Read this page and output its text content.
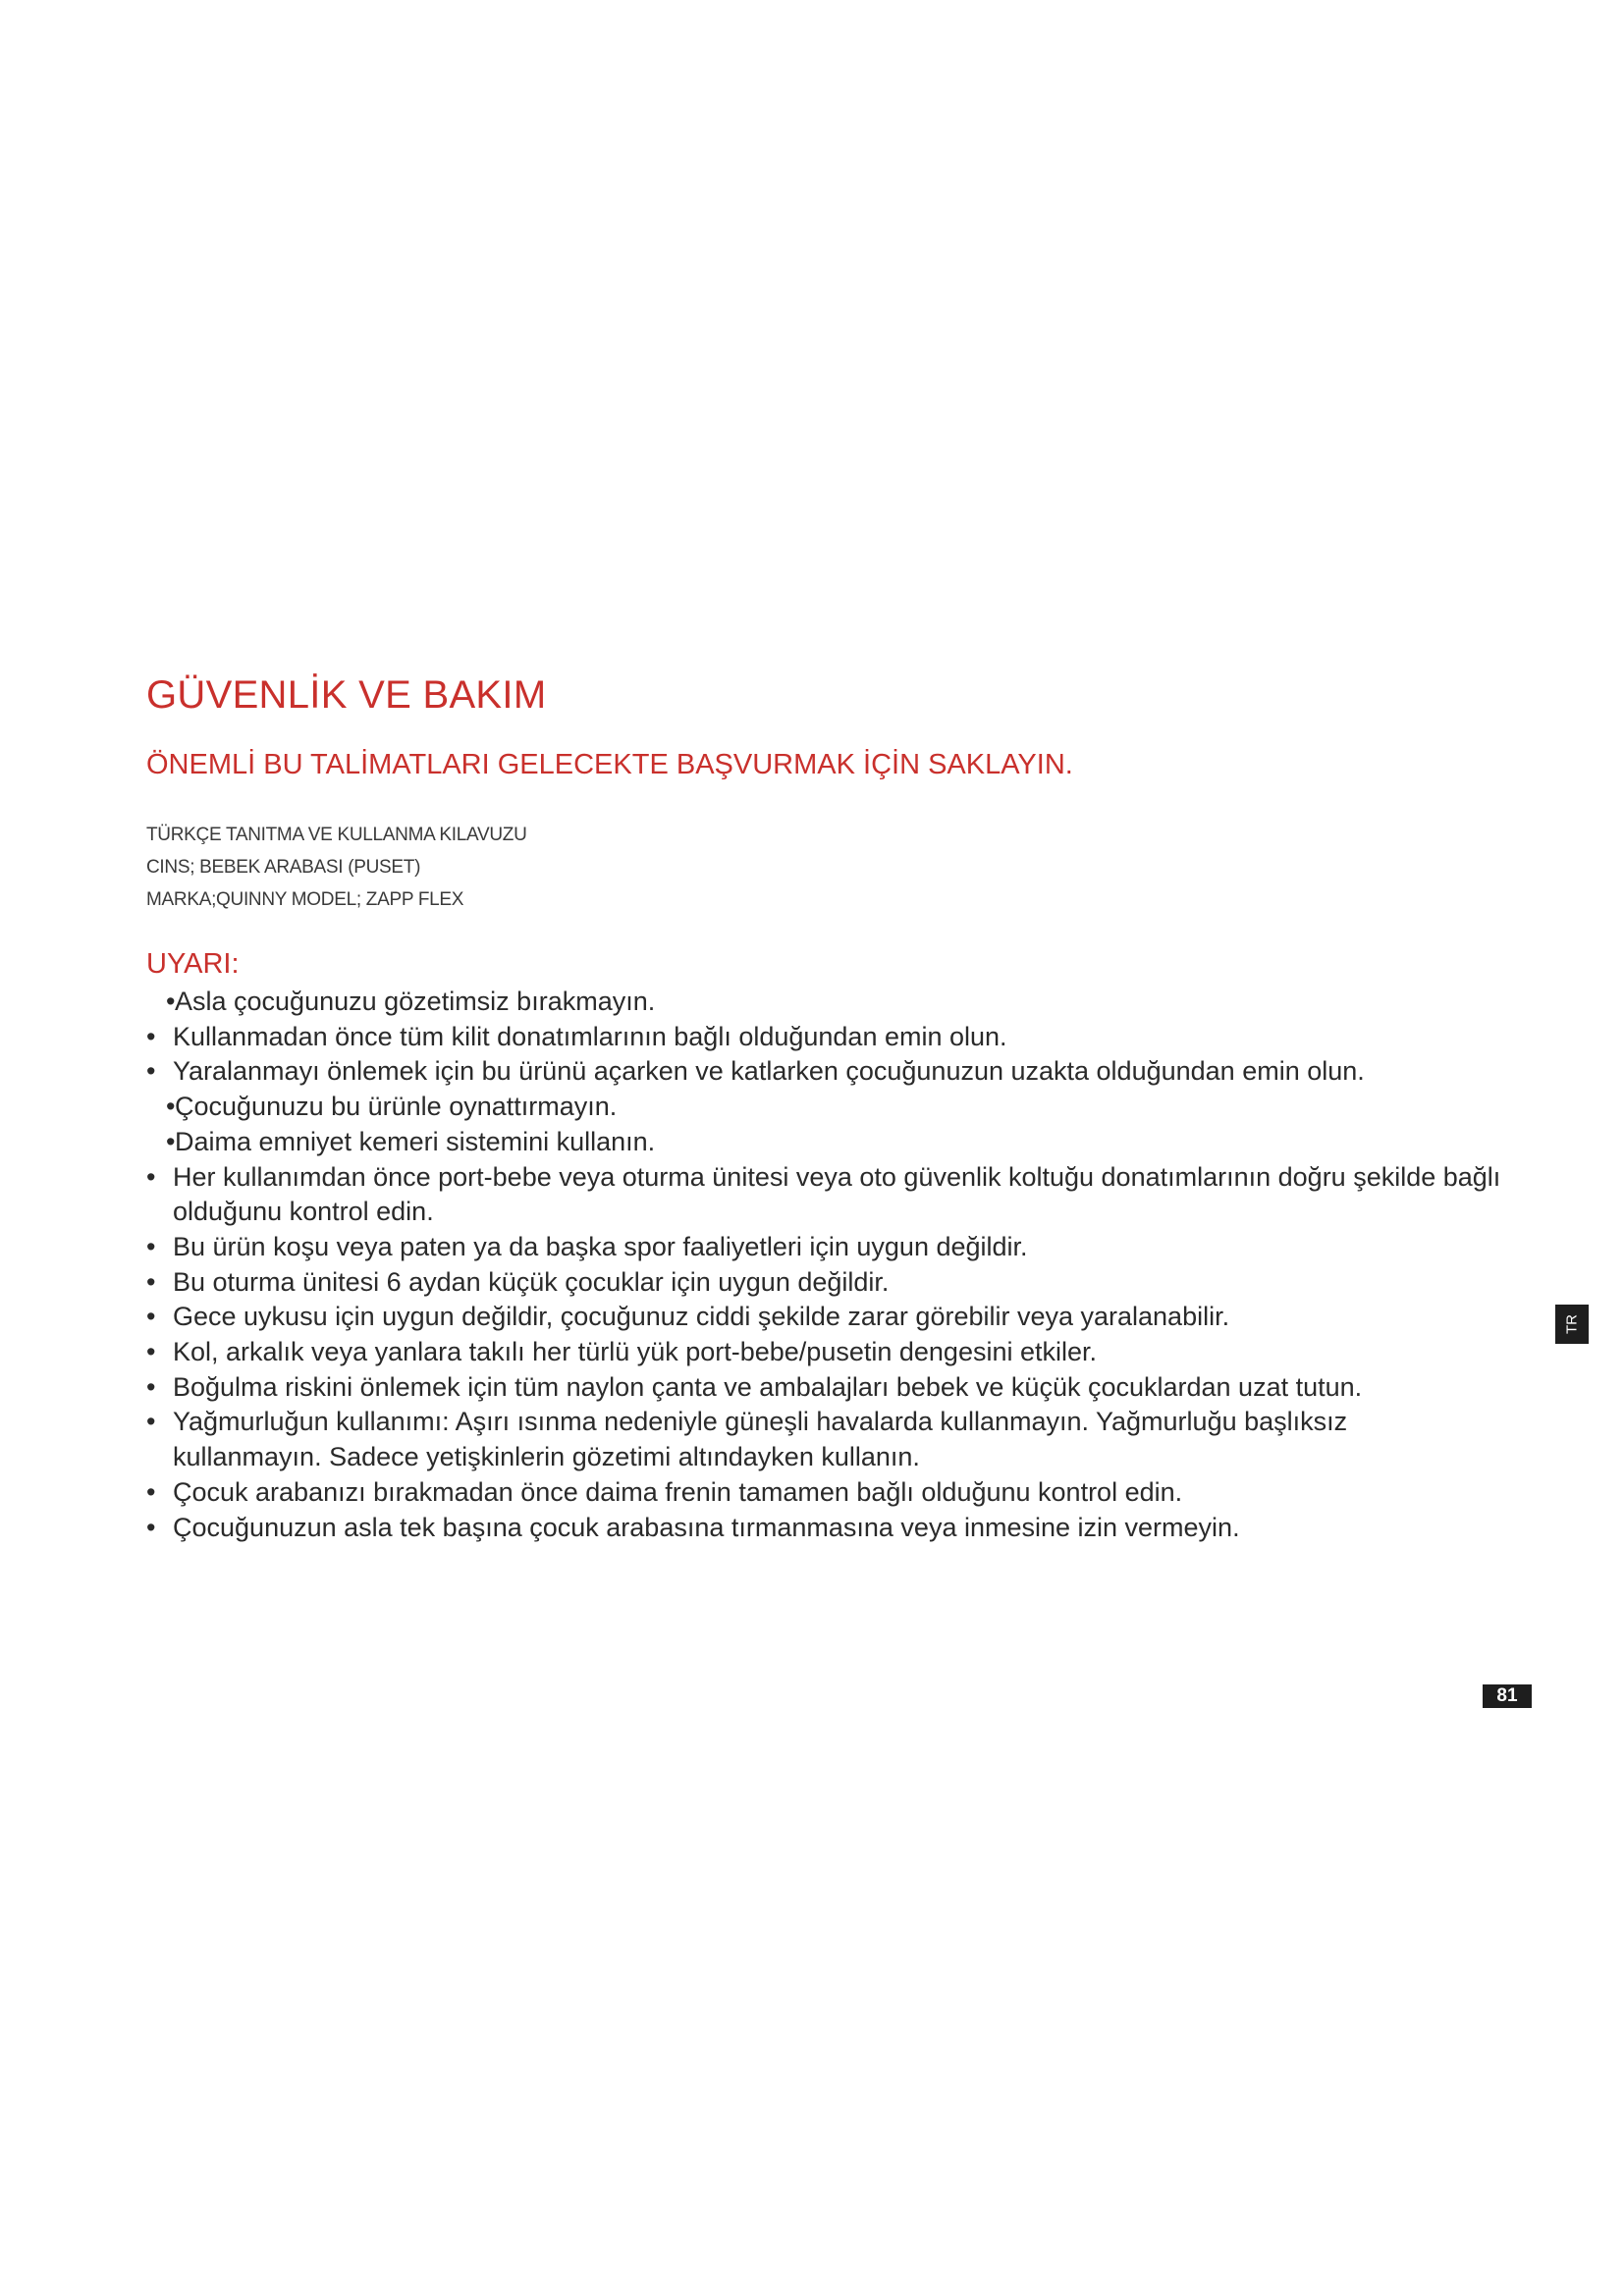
GÜVENLİK VE BAKIM
ÖNEMLİ BU TALİMATLARI GELECEKTE BAŞVURMAK İÇİN SAKLAYIN.
TÜRKÇE TANITMA VE KULLANMA KILAVUZU
CINS; BEBEK ARABASI (PUSET)
MARKA;QUINNY MODEL; ZAPP FLEX
UYARI:
• Asla çocuğunuzu gözetimsiz bırakmayın.
• Kullanmadan önce tüm kilit donatımlarının bağlı olduğundan emin olun.
• Yaralanmayı önlemek için bu ürünü açarken ve katlarken çocuğunuzun uzakta olduğundan emin olun.
• Çocuğunuzu bu ürünle oynattırmayın.
• Daima emniyet kemeri sistemini kullanın.
• Her kullanımdan önce port-bebe veya oturma ünitesi veya oto güvenlik koltuğu donatımlarının doğru şekilde bağlı olduğunu kontrol edin.
• Bu ürün koşu veya paten ya da başka spor faaliyetleri için uygun değildir.
• Bu oturma ünitesi 6 aydan küçük çocuklar için uygun değildir.
• Gece uykusu için uygun değildir, çocuğunuz ciddi şekilde zarar görebilir veya yaralanabilir.
• Kol, arkalık veya yanlara takılı her türlü yük port-bebe/pusetin dengesini etkiler.
• Boğulma riskini önlemek için tüm naylon çanta ve ambalajları bebek ve küçük çocuklardan uzat tutun.
• Yağmurluğun kullanımı: Aşırı ısınma nedeniyle güneşli havalarda kullanmayın. Yağmurluğu başlıksız kullanmayın. Sadece yetişkinlerin gözetimi altındayken kullanın.
• Çocuk arabanızı bırakmadan önce daima frenin tamamen bağlı olduğunu kontrol edin.
• Çocuğunuzun asla tek başına çocuk arabasına tırmanmasına veya inmesine izin vermeyin.
TR
81
